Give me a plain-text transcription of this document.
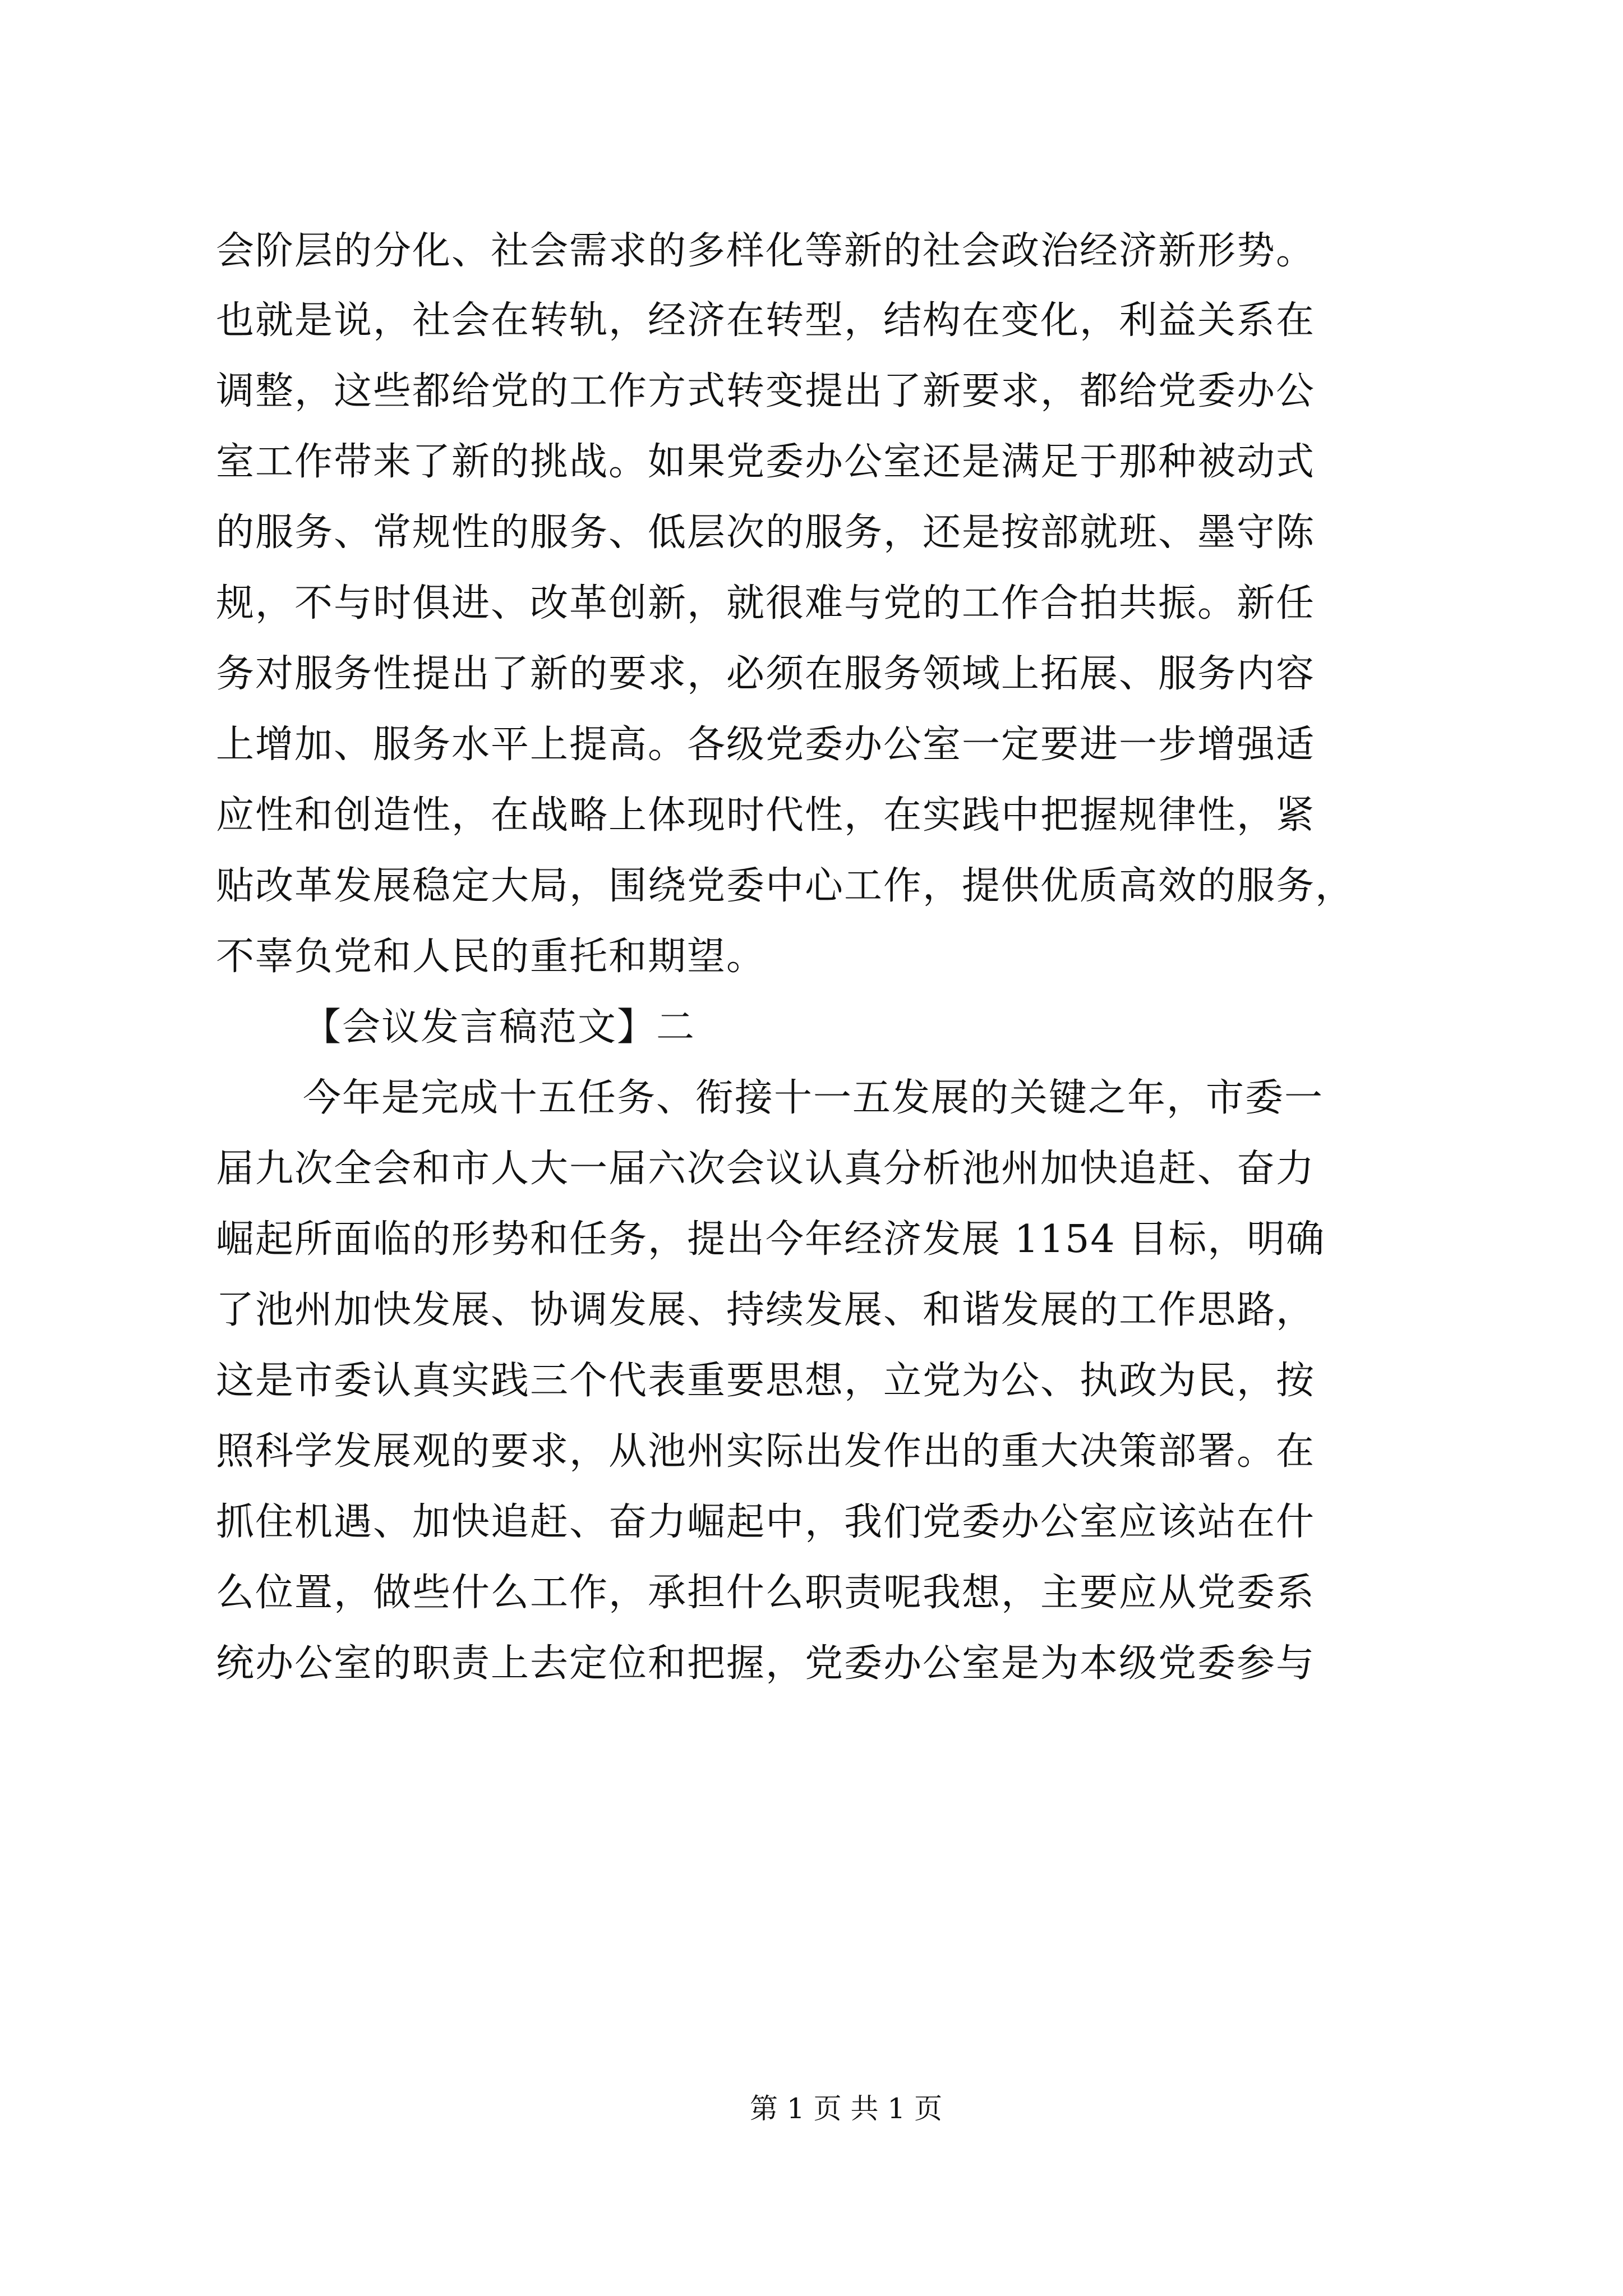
会阶层的分化、社会需求的多样化等新的社会政治经济新形势。
也就是说，社会在转轨，经济在转型，结构在变化，利益关系在
调整，这些都给党的工作方式转变提出了新要求，都给党委办公
室工作带来了新的挑战。如果党委办公室还是满足于那种被动式
的服务、常规性的服务、低层次的服务，还是按部就班、墨守陈
规，不与时俱进、改革创新，就很难与党的工作合拍共振。新任
务对服务性提出了新的要求，必须在服务领域上拓展、服务内容
上增加、服务水平上提高。各级党委办公室一定要进一步增强适
应性和创造性，在战略上体现时代性，在实践中把握规律性，紧
贴改革发展稳定大局，围绕党委中心工作，提供优质高效的服务，
不辜负党和人民的重托和期望。
【会议发言稿范文】二
今年是完成十五任务、衔接十一五发展的关键之年，市委一
届九次全会和市人大一届六次会议认真分析池州加快追赶、奋力
崛起所面临的形势和任务，提出今年经济发展 1154 目标，明确
了池州加快发展、协调发展、持续发展、和谐发展的工作思路，
这是市委认真实践三个代表重要思想，立党为公、执政为民，按
照科学发展观的要求，从池州实际出发作出的重大决策部署。在
抓住机遇、加快追赶、奋力崛起中，我们党委办公室应该站在什
么位置，做些什么工作，承担什么职责呢我想，主要应从党委系
统办公室的职责上去定位和把握，党委办公室是为本级党委参与
第 1 页 共 1 页
